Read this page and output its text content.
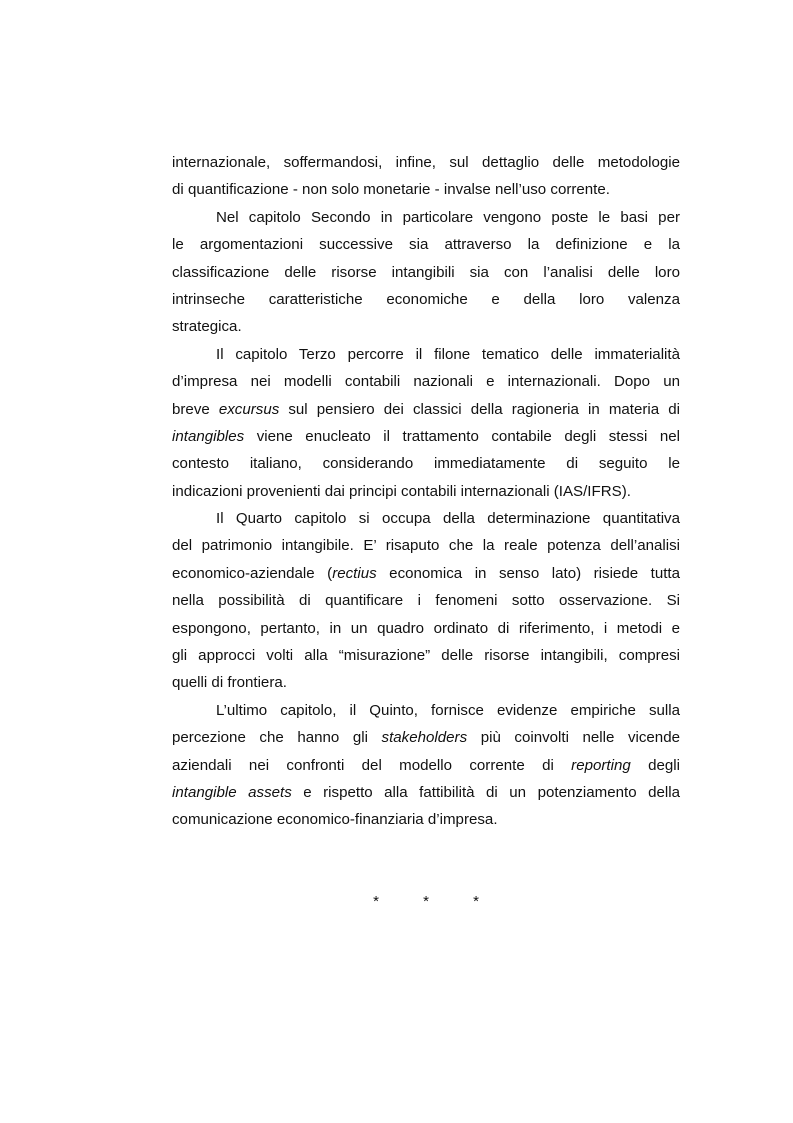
internazionale, soffermandosi, infine, sul dettaglio delle metodologie
di quantificazione - non solo monetarie - invalse nell’uso corrente.
Nel capitolo Secondo in particolare vengono poste le basi per
le argomentazioni successive sia attraverso la definizione e la
classificazione delle risorse intangibili sia con l’analisi delle loro
intrinseche caratteristiche economiche e della loro valenza
strategica.
Il capitolo Terzo percorre il filone tematico delle immaterialità
d’impresa nei modelli contabili nazionali e internazionali. Dopo un
breve excursus sul pensiero dei classici della ragioneria in materia di
intangibles viene enucleato il trattamento contabile degli stessi nel
contesto italiano, considerando immediatamente di seguito le
indicazioni provenienti dai principi contabili internazionali (IAS/IFRS).
Il Quarto capitolo si occupa della determinazione quantitativa
del patrimonio intangibile. E’ risaputo che la reale potenza dell’analisi
economico-aziendale (rectius economica in senso lato) risiede tutta
nella possibilità di quantificare i fenomeni sotto osservazione. Si
espongono, pertanto, in un quadro ordinato di riferimento, i metodi e
gli approcci volti alla “misurazione” delle risorse intangibili, compresi
quelli di frontiera.
L’ultimo capitolo, il Quinto, fornisce evidenze empiriche sulla
percezione che hanno gli stakeholders più coinvolti nelle vicende
aziendali nei confronti del modello corrente di reporting degli
intangible assets e rispetto alla fattibilità di un potenziamento della
comunicazione economico-finanziaria d’impresa.
*	*	*
